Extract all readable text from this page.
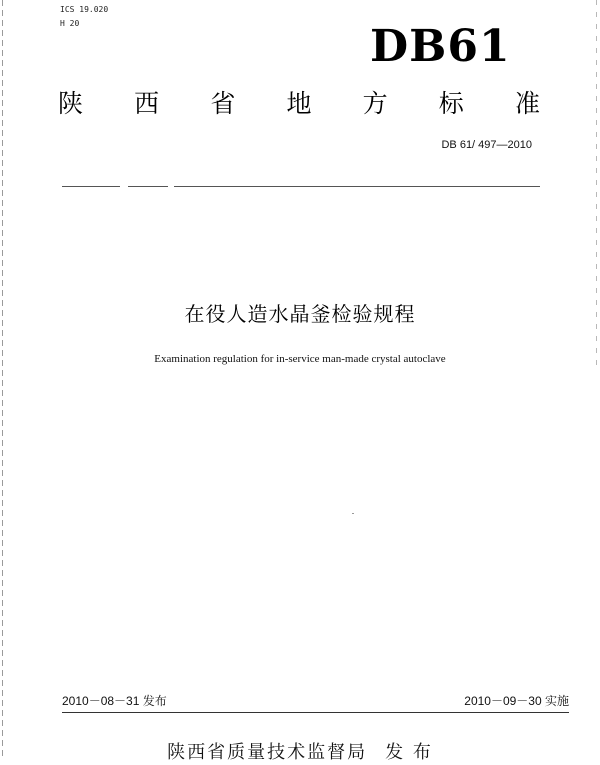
ICS 19.020
H 20	DB61
陕 西 省 地 方 标 准
DB 61/ 497—2010
在役人造水晶釜检验规程
Examination regulation for in-service man-made crystal autoclave
2010－08－31 发布	2010－09－30 实施
陕西省质量技术监督局 发 布
